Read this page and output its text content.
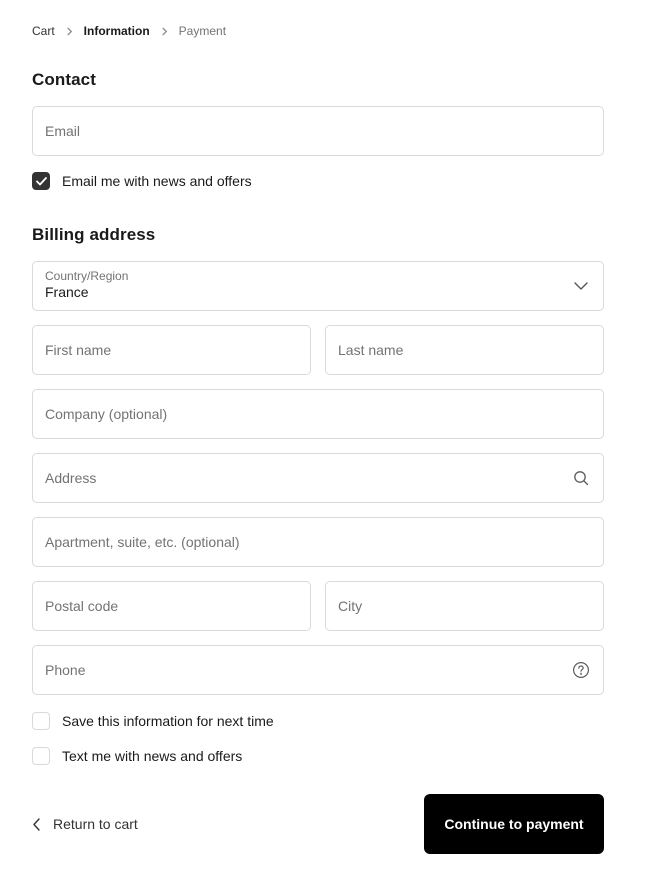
Cart Information Payment
Contact
Email
Email me with news and offers
Billing address
Country/Region
France
First name
Last name
Company (optional)
Address
Apartment, suite, etc. (optional)
Postal code
City
Phone
Save this information for next time
Text me with news and offers
Return to cart	Continue to payment
